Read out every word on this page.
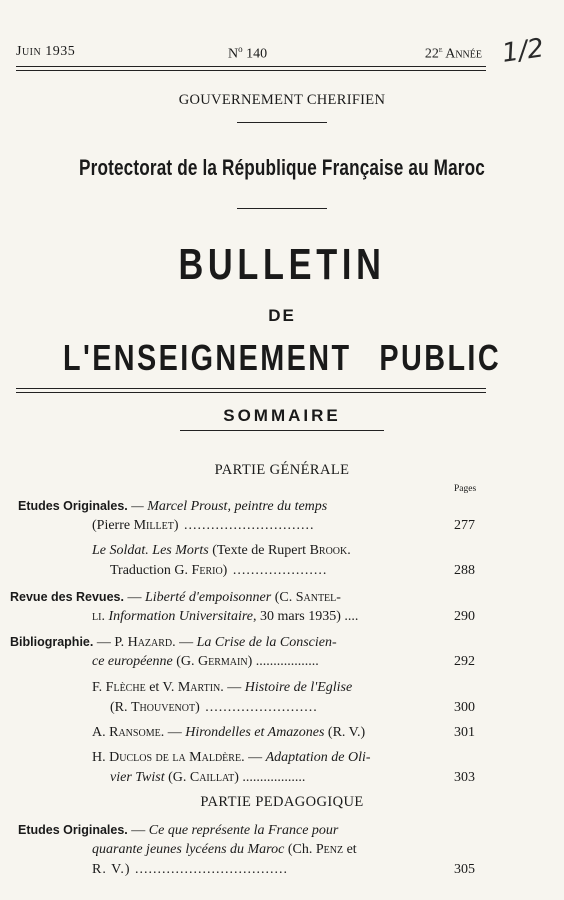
Juin 1935	$N^o$ 140	22e Année 1/2
GOUVERNEMENT CHERIFIEN
Protectorat de la République Française au Maroc
BULLETIN
DE
L'ENSEIGNEMENT PUBLIC
SOMMAIRE
PARTIE GÉNÉRALE
Pages
Etudes Originales. — Marcel Proust, peintre du temps
(Pierre Millet) .............................	277
Le Soldat. Les Morts (Texte de Rupert Brook.
Traduction G. Ferio) .....................	288
Revue des Revues. — Liberté d'empoisonner (C. Santel-
li. Information Universitaire, 30 mars 1935) ....	290
Bibliographie. — P. Hazard. — La Crise de la Conscien-
ce européenne (G. Germain) ..................	292
F. Flèche et V. Martin. — Histoire de l'Eglise
(R. Thouvenot) .........................	300
A. Ransome. — Hirondelles et Amazones (R. V.)	301
H. Duclos de la Maldère. — Adaptation de Oli-
vier Twist (G. Caillat) ..................	303
PARTIE PEDAGOGIQUE
Etudes Originales. — Ce que représente la France pour
quarante jeunes lycéens du Maroc (Ch. Penz et
R. V.) ..................................	305
